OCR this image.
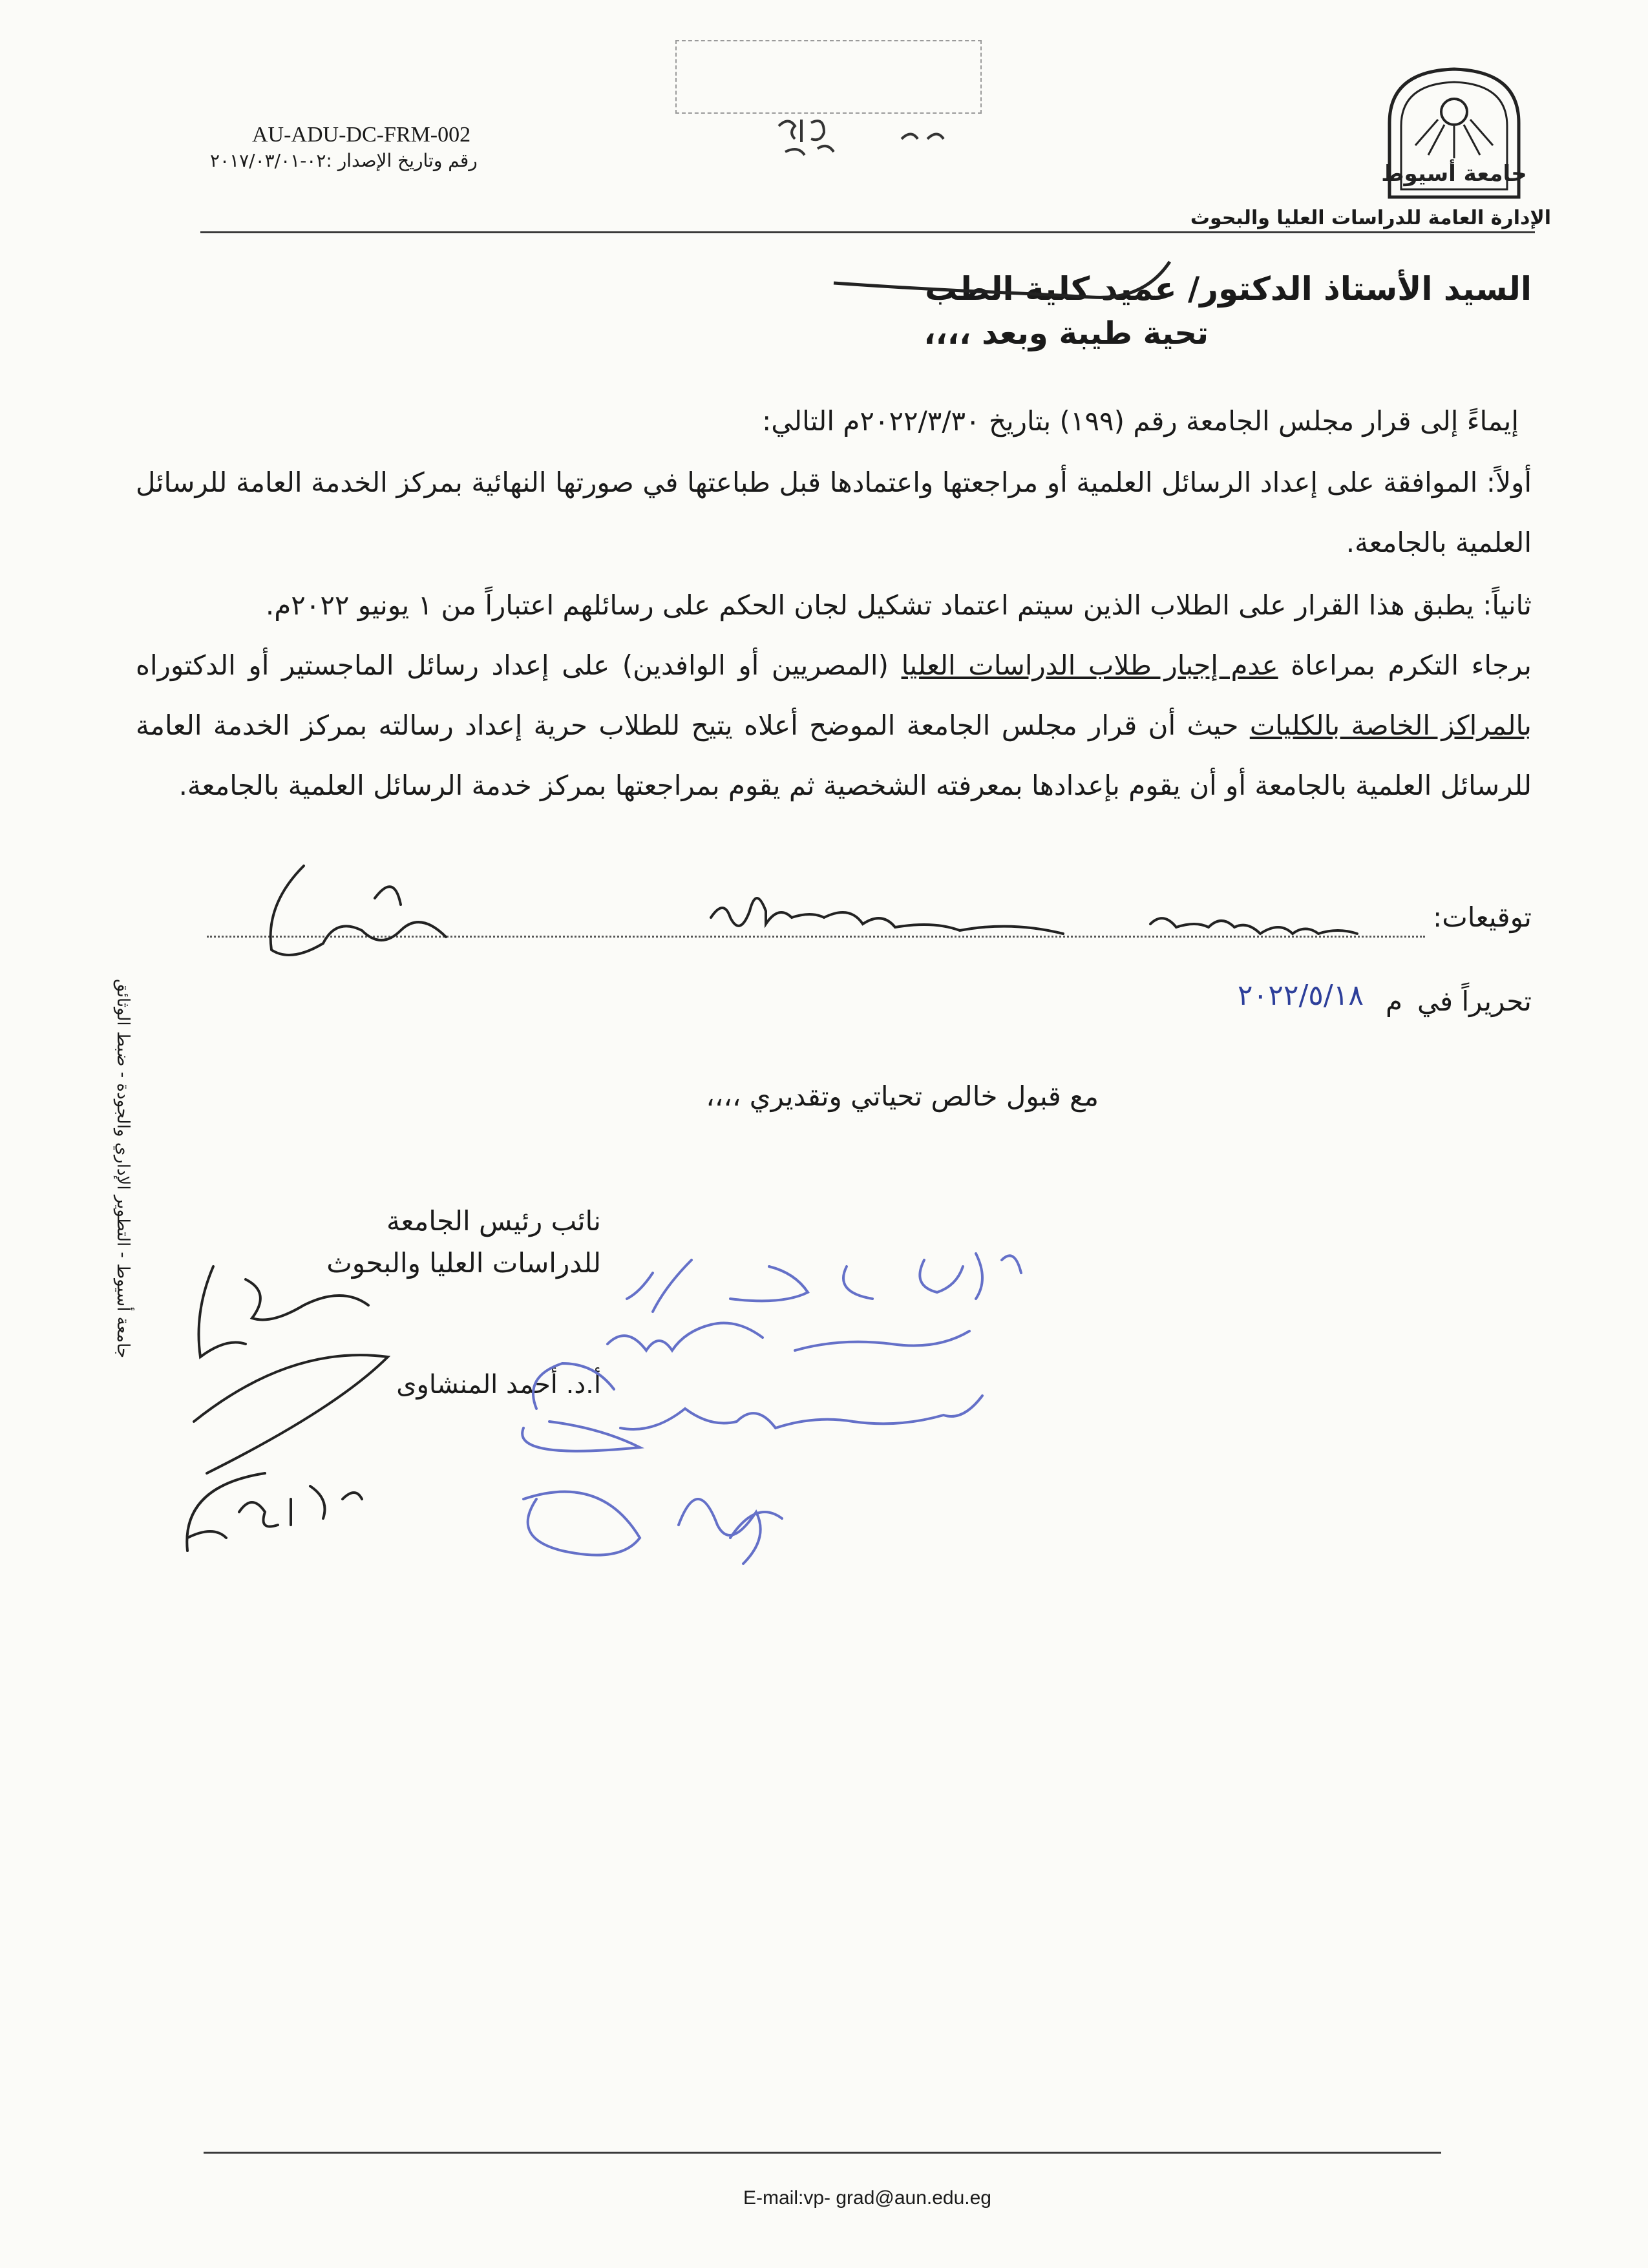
جامعة أسيوط
الإدارة العامة للدراسات العليا والبحوث
AU-ADU-DC-FRM-002
رقم وتاريخ الإصدار :٠٢-٢٠١٧/٠٣/٠١
السيد الأستاذ الدكتور/ عميد كلية الطب
تحية طيبة وبعد ،،،،
إيماءً إلى قرار مجلس الجامعة رقم (١٩٩) بتاريخ ٢٠٢٢/٣/٣٠م التالي:
أولاً: الموافقة على إعداد الرسائل العلمية أو مراجعتها واعتمادها قبل طباعتها في صورتها النهائية بمركز الخدمة العامة للرسائل العلمية بالجامعة.
ثانياً: يطبق هذا القرار على الطلاب الذين سيتم اعتماد تشكيل لجان الحكم على رسائلهم اعتباراً من ١ يونيو ٢٠٢٢م.
برجاء التكرم بمراعاة عدم إجبار طلاب الدراسات العليا (المصريين أو الوافدين) على إعداد رسائل الماجستير أو الدكتوراه بالمراكز الخاصة بالكليات حيث أن قرار مجلس الجامعة الموضح أعلاه يتيح للطلاب حرية إعداد رسالته بمركز الخدمة العامة للرسائل العلمية بالجامعة أو أن يقوم بإعدادها بمعرفته الشخصية ثم يقوم بمراجعتها بمركز خدمة الرسائل العلمية بالجامعة.
توقيعات:
تحريراً في
٢٠٢٢/٥/١٨ م
مع قبول خالص تحياتي وتقديري ،،،،
نائب رئيس الجامعة
للدراسات العليا والبحوث
أ.د. أحمد المنشاوى
جامعة أسيوط - التطوير الإداري والجودة - ضبط الوثائق
E-mail:vp- grad@aun.edu.eg
